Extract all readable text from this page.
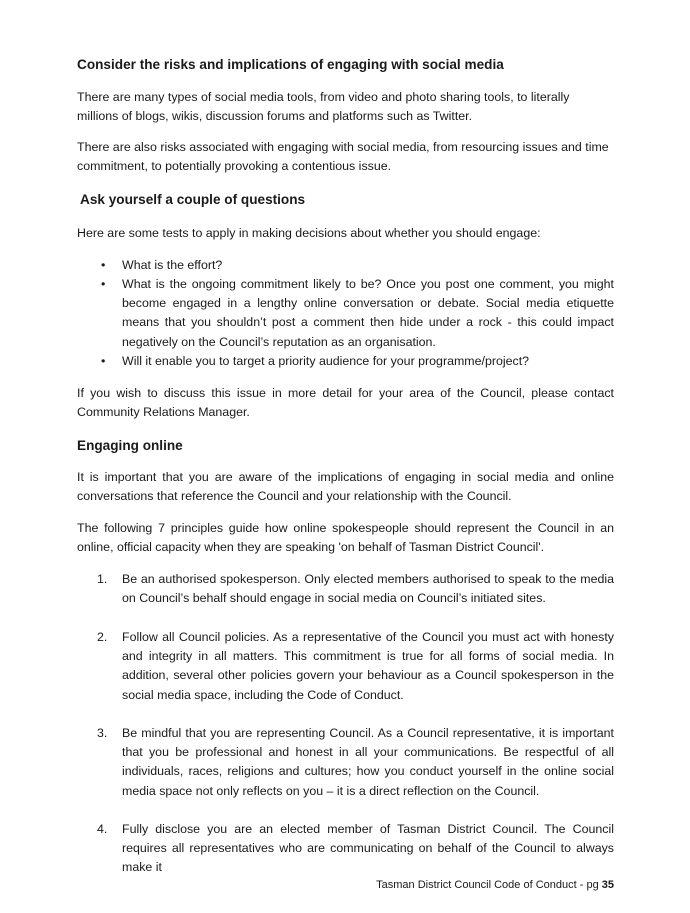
Consider the risks and implications of engaging with social media
There are many types of social media tools, from video and photo sharing tools, to literally millions of blogs, wikis, discussion forums and platforms such as Twitter.
There are also risks associated with engaging with social media, from resourcing issues and time commitment, to potentially provoking a contentious issue.
Ask yourself a couple of questions
Here are some tests to apply in making decisions about whether you should engage:
•	What is the effort?
•	What is the ongoing commitment likely to be? Once you post one comment, you might become engaged in a lengthy online conversation or debate. Social media etiquette means that you shouldn’t post a comment then hide under a rock - this could impact negatively on the Council’s reputation as an organisation.
•	Will it enable you to target a priority audience for your programme/project?
If you wish to discuss this issue in more detail for your area of the Council, please contact Community Relations Manager.
Engaging online
It is important that you are aware of the implications of engaging in social media and online conversations that reference the Council and your relationship with the Council.
The following 7 principles guide how online spokespeople should represent the Council in an online, official capacity when they are speaking 'on behalf of Tasman District Council'.
1.	Be an authorised spokesperson. Only elected members authorised to speak to the media on Council’s behalf should engage in social media on Council’s initiated sites.
2.	Follow all Council policies. As a representative of the Council you must act with honesty and integrity in all matters. This commitment is true for all forms of social media. In addition, several other policies govern your behaviour as a Council spokesperson in the social media space, including the Code of Conduct.
3.	Be mindful that you are representing Council. As a Council representative, it is important that you be professional and honest in all your communications. Be respectful of all individuals, races, religions and cultures; how you conduct yourself in the online social media space not only reflects on you – it is a direct reflection on the Council.
4.	Fully disclose you are an elected member of Tasman District Council. The Council requires all representatives who are communicating on behalf of the Council to always make it
Tasman District Council Code of Conduct - pg 35
